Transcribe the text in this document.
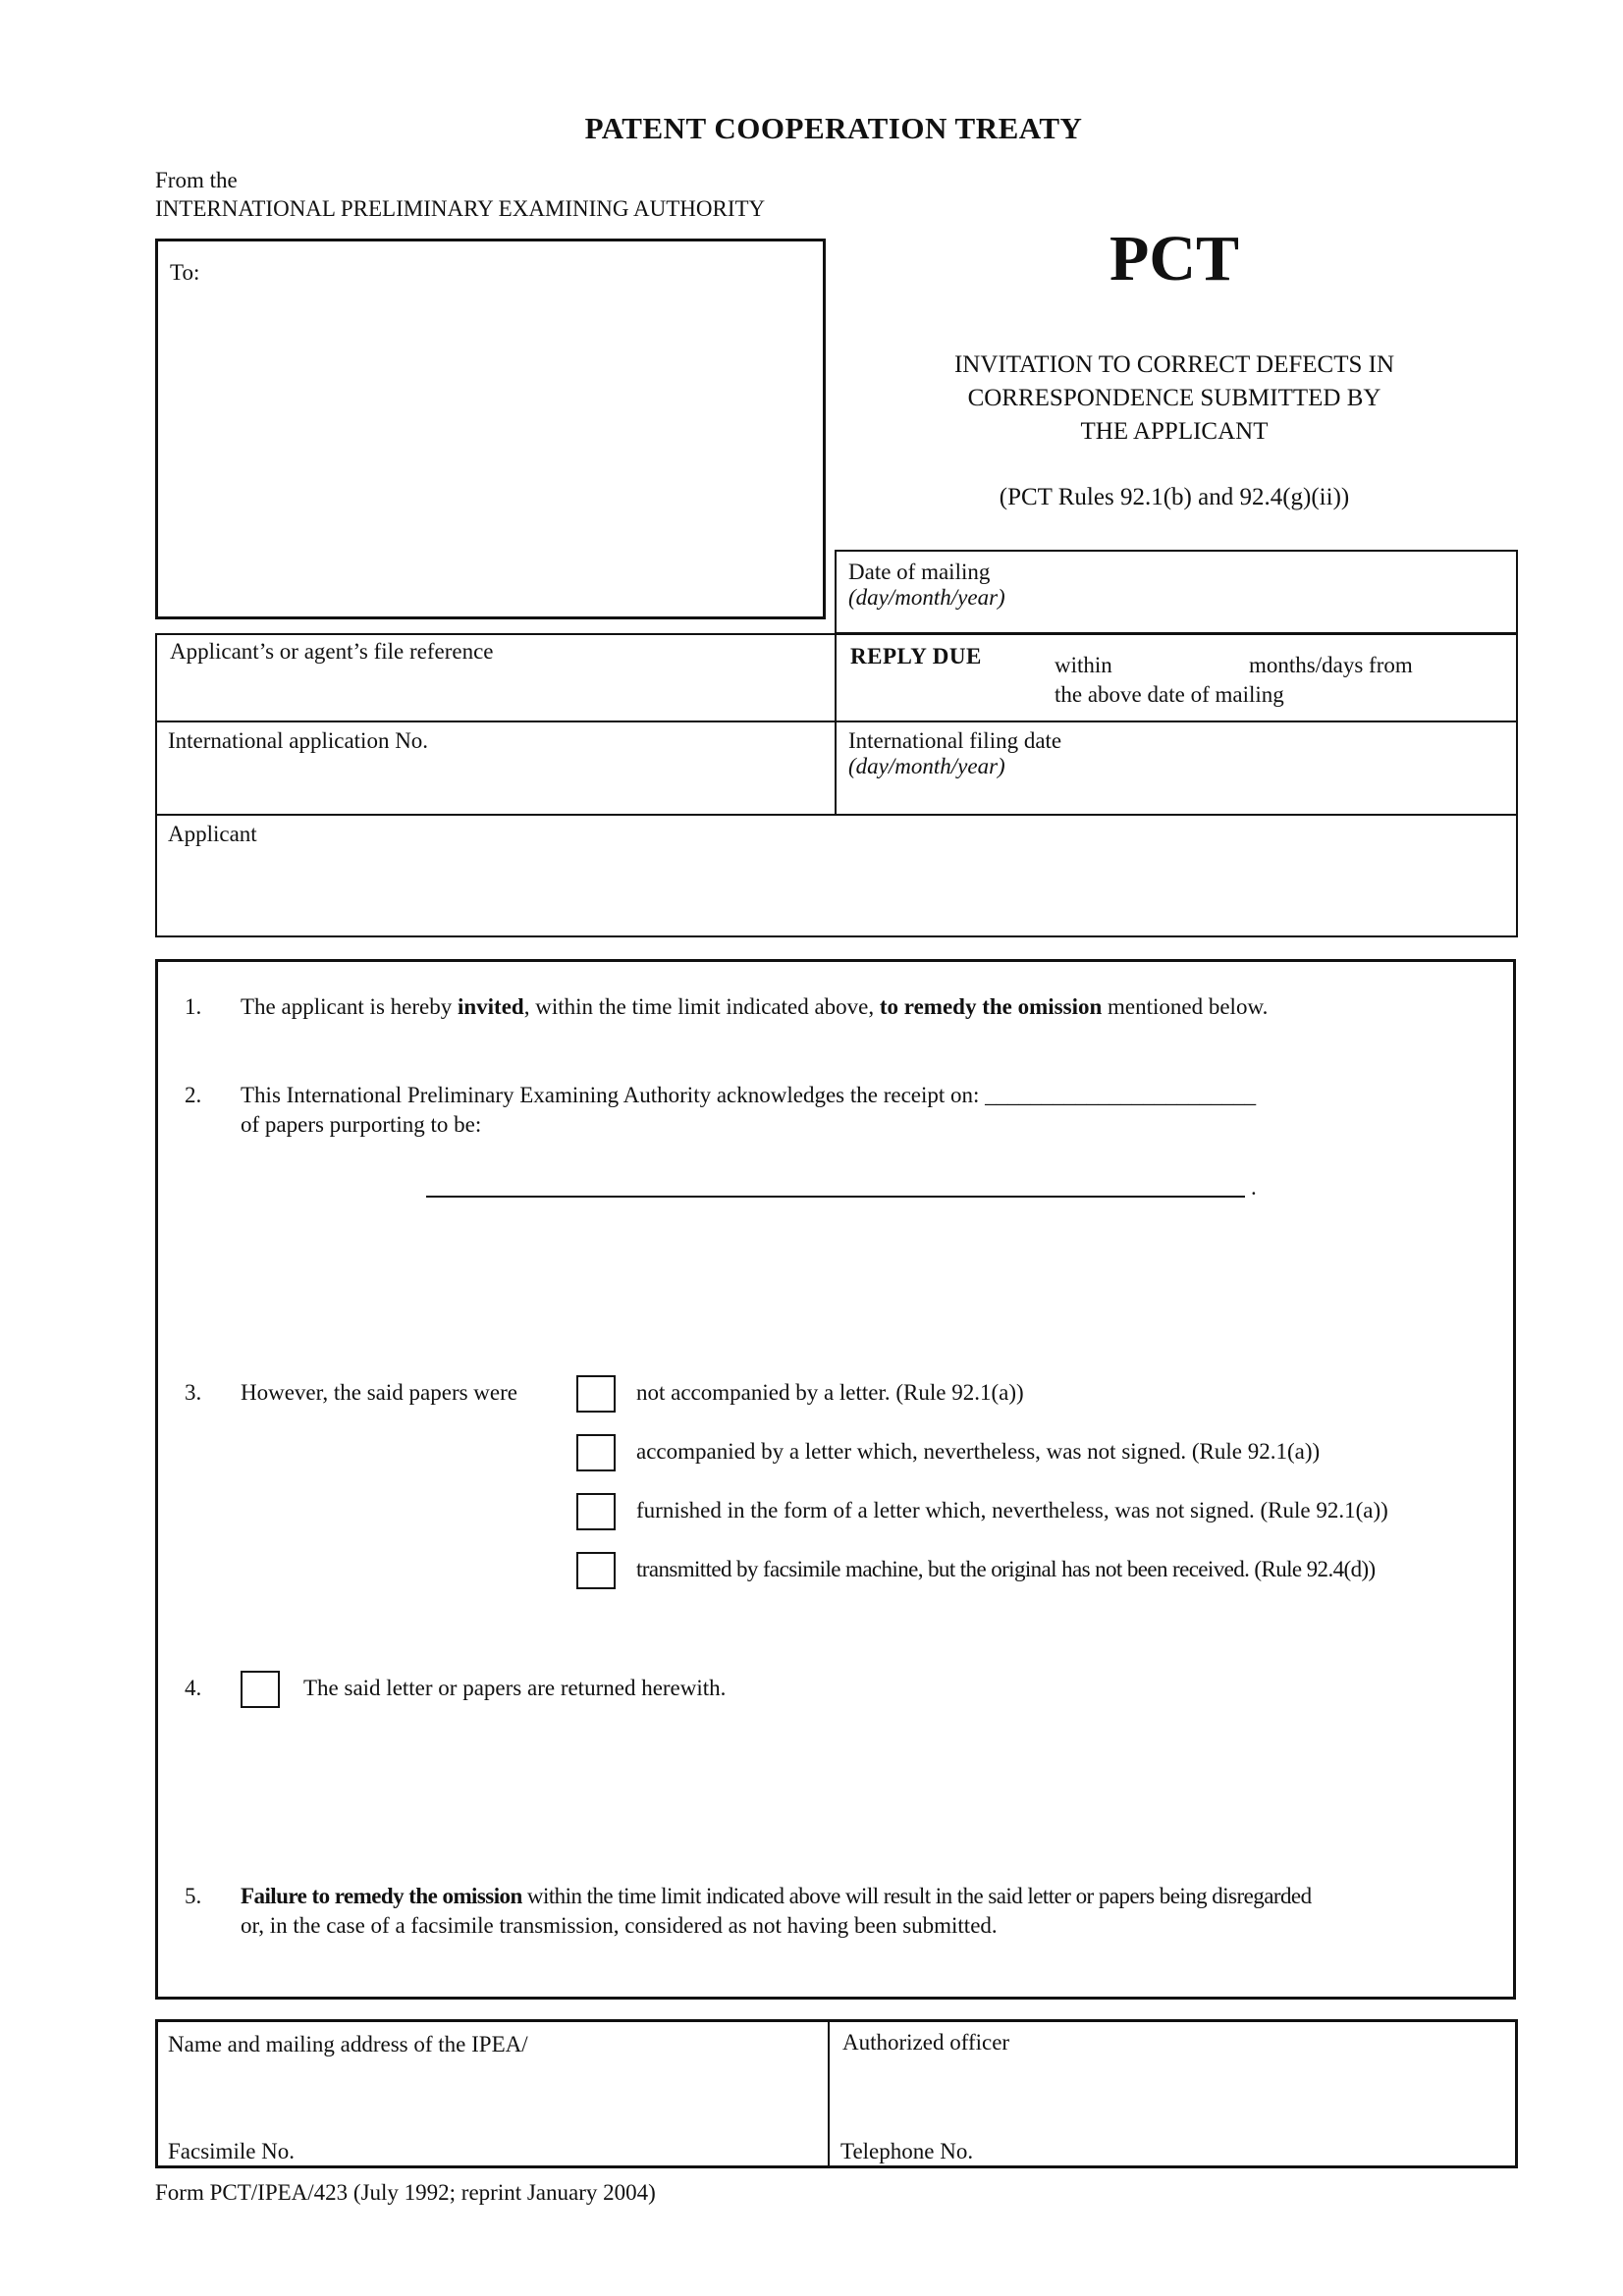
PATENT COOPERATION TREATY
From the
INTERNATIONAL PRELIMINARY EXAMINING AUTHORITY
To:	PCT
INVITATION TO CORRECT DEFECTS IN
CORRESPONDENCE SUBMITTED BY
THE APPLICANT
(PCT Rules 92.1(b) and 92.4(g)(ii))
Date of mailing
(day/month/year)
Applicant’s or agent’s file reference	REPLY DUE	within	months/days from
the above date of mailing
International application No.	International filing date
(day/month/year)
Applicant
1. The applicant is hereby invited, within the time limit indicated above, to remedy the omission mentioned below.
2. This International Preliminary Examining Authority acknowledges the receipt on: ________________________
of papers purporting to be:
.
3. However, the said papers were	not accompanied by a letter. (Rule 92.1(a))
accompanied by a letter which, nevertheless, was not signed. (Rule 92.1(a))
furnished in the form of a letter which, nevertheless, was not signed. (Rule 92.1(a))
transmitted by facsimile machine, but the original has not been received. (Rule 92.4(d))
4.	The said letter or papers are returned herewith.
5. Failure to remedy the omission within the time limit indicated above will result in the said letter or papers being disregarded
or, in the case of a facsimile transmission, considered as not having been submitted.
Name and mailing address of the IPEA/
Facsimile No.
Authorized officer
Telephone No.
Form PCT/IPEA/423 (July 1992; reprint January 2004)
